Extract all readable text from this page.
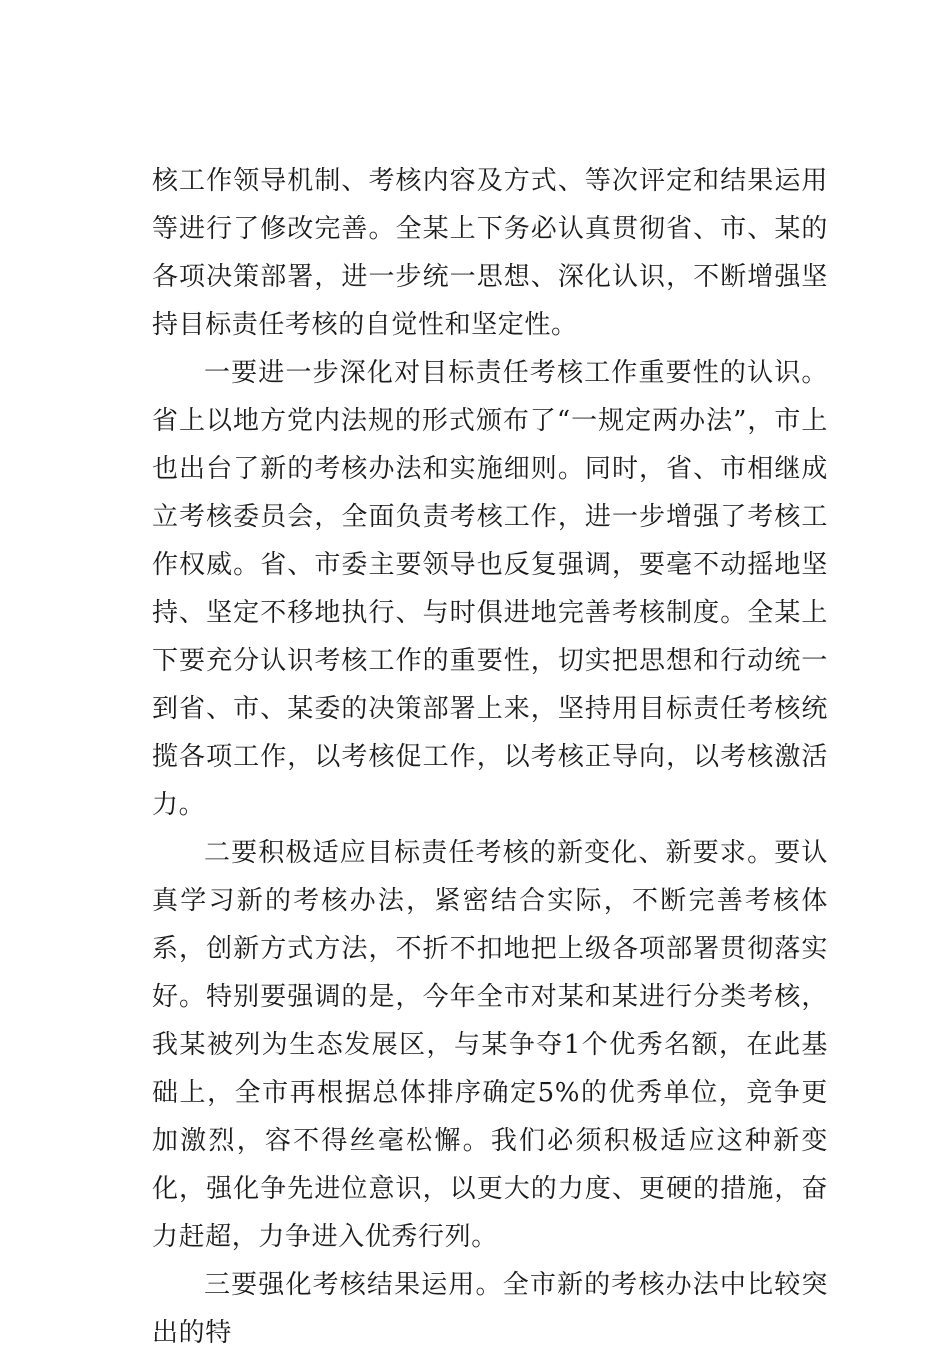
核工作领导机制、考核内容及方式、等次评定和结果运用等进行了修改完善。全某上下务必认真贯彻省、市、某的各项决策部署，进一步统一思想、深化认识，不断增强坚持目标责任考核的自觉性和坚定性。

一要进一步深化对目标责任考核工作重要性的认识。省上以地方党内法规的形式颁布了“一规定两办法”，市上也出台了新的考核办法和实施细则。同时，省、市相继成立考核委员会，全面负责考核工作，进一步增强了考核工作权威。省、市委主要领导也反复强调，要毫不动摇地坚持、坚定不移地执行、与时俱进地完善考核制度。全某上下要充分认识考核工作的重要性，切实把思想和行动统一到省、市、某委的决策部署上来，坚持用目标责任考核统揽各项工作，以考核促工作，以考核正导向，以考核激活力。

二要积极适应目标责任考核的新变化、新要求。要认真学习新的考核办法，紧密结合实际，不断完善考核体系，创新方式方法，不折不扣地把上级各项部署贯彻落实好。特别要强调的是，今年全市对某和某进行分类考核，我某被列为生态发展区，与某争夺1个优秀名额，在此基础上，全市再根据总体排序确定5%的优秀单位，竞争更加激烈，容不得丝毫松懈。我们必须积极适应这种新变化，强化争先进位意识，以更大的力度、更硬的措施，奋力赶超，力争进入优秀行列。

三要强化考核结果运用。全市新的考核办法中比较突出的特
